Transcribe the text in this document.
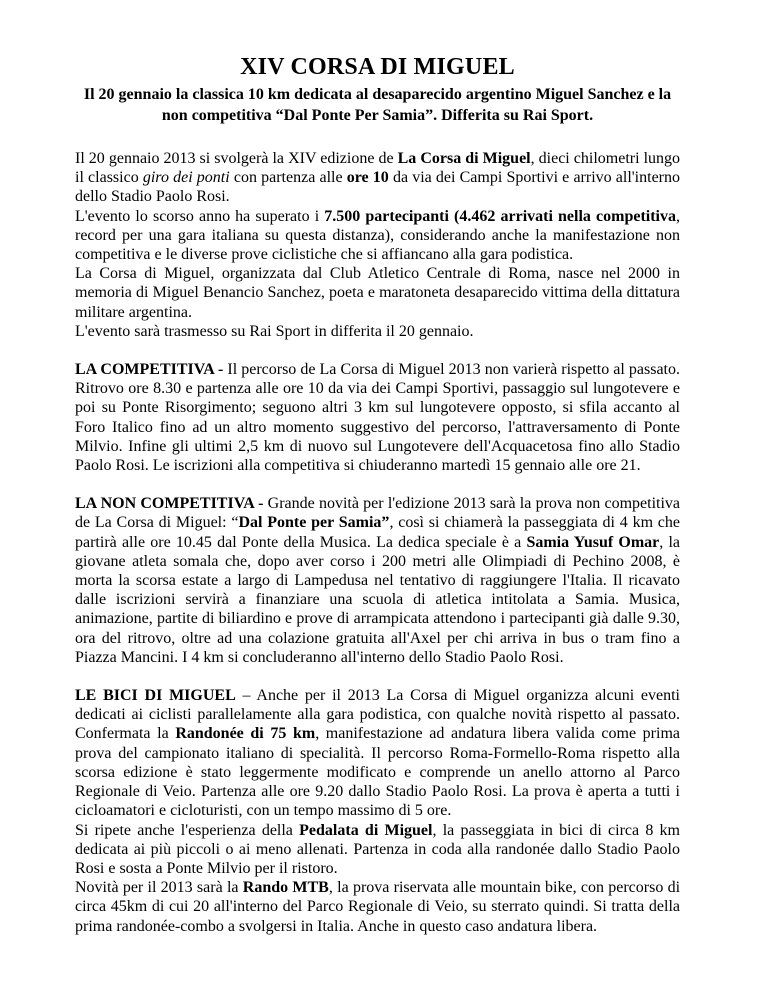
XIV CORSA DI MIGUEL
Il 20 gennaio la classica 10 km dedicata al desaparecido argentino Miguel Sanchez e la non competitiva “Dal Ponte Per Samia”. Differita su Rai Sport.

Il 20 gennaio 2013 si svolgerà la XIV edizione de La Corsa di Miguel, dieci chilometri lungo il classico giro dei ponti con partenza alle ore 10 da via dei Campi Sportivi e arrivo all'interno dello Stadio Paolo Rosi.

L'evento lo scorso anno ha superato i 7.500 partecipanti (4.462 arrivati nella competitiva, record per una gara italiana su questa distanza), considerando anche la manifestazione non competitiva e le diverse prove ciclistiche che si affiancano alla gara podistica.

La Corsa di Miguel, organizzata dal Club Atletico Centrale di Roma, nasce nel 2000 in memoria di Miguel Benancio Sanchez, poeta e maratoneta desaparecido vittima della dittatura militare argentina.

L'evento sarà trasmesso su Rai Sport in differita il 20 gennaio.

LA COMPETITIVA - Il percorso de La Corsa di Miguel 2013 non varierà rispetto al passato. Ritrovo ore 8.30 e partenza alle ore 10 da via dei Campi Sportivi, passaggio sul lungotevere e poi su Ponte Risorgimento; seguono altri 3 km sul lungotevere opposto, si sfila accanto al Foro Italico fino ad un altro momento suggestivo del percorso, l'attraversamento di Ponte Milvio. Infine gli ultimi 2,5 km di nuovo sul Lungotevere dell'Acquacetosa fino allo Stadio Paolo Rosi. Le iscrizioni alla competitiva si chiuderanno martedì 15 gennaio alle ore 21.

LA NON COMPETITIVA - Grande novità per l'edizione 2013 sarà la prova non competitiva de La Corsa di Miguel: “Dal Ponte per Samia”, così si chiamerà la passeggiata di 4 km che partirà alle ore 10.45 dal Ponte della Musica. La dedica speciale è a Samia Yusuf Omar, la giovane atleta somala che, dopo aver corso i 200 metri alle Olimpiadi di Pechino 2008, è morta la scorsa estate a largo di Lampedusa nel tentativo di raggiungere l'Italia. Il ricavato dalle iscrizioni servirà a finanziare una scuola di atletica intitolata a Samia. Musica, animazione, partite di biliardino e prove di arrampicata attendono i partecipanti già dalle 9.30, ora del ritrovo, oltre ad una colazione gratuita all'Axel per chi arriva in bus o tram fino a Piazza Mancini. I 4 km si concluderanno all'interno dello Stadio Paolo Rosi.

LE BICI DI MIGUEL – Anche per il 2013 La Corsa di Miguel organizza alcuni eventi dedicati ai ciclisti parallelamente alla gara podistica, con qualche novità rispetto al passato. Confermata la Randonée di 75 km, manifestazione ad andatura libera valida come prima prova del campionato italiano di specialità. Il percorso Roma-Formello-Roma rispetto alla scorsa edizione è stato leggermente modificato e comprende un anello attorno al Parco Regionale di Veio. Partenza alle ore 9.20 dallo Stadio Paolo Rosi. La prova è aperta a tutti i cicloamatori e cicloturisti, con un tempo massimo di 5 ore.

Si ripete anche l'esperienza della Pedalata di Miguel, la passeggiata in bici di circa 8 km dedicata ai più piccoli o ai meno allenati. Partenza in coda alla randonée dallo Stadio Paolo Rosi e sosta a Ponte Milvio per il ristoro.

Novità per il 2013 sarà la Rando MTB, la prova riservata alle mountain bike, con percorso di circa 45km di cui 20 all'interno del Parco Regionale di Veio, su sterrato quindi. Si tratta della prima randonée-combo a svolgersi in Italia. Anche in questo caso andatura libera.
